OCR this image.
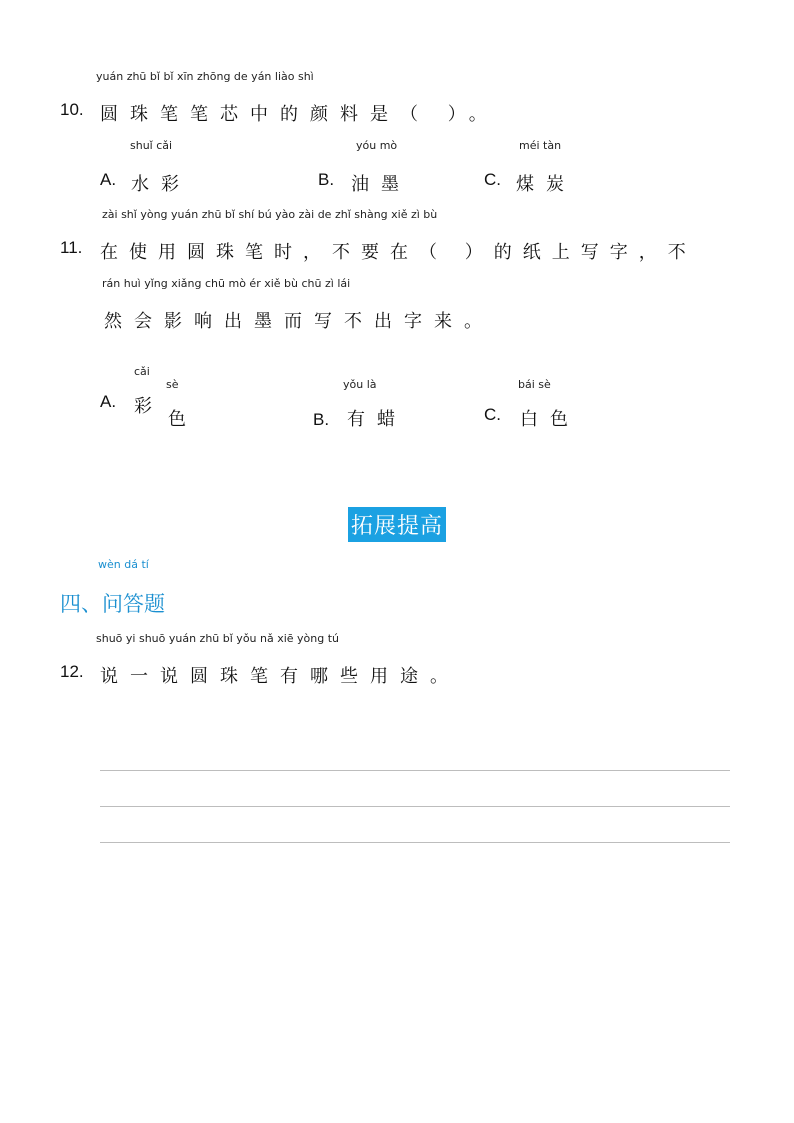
yuán zhū bǐ bǐ xīn zhōng de yán liào shì
10. 圆珠笔笔芯中的颜料是（ ）。
shuǐ cǎi
A. 水彩
yóu mò
B. 油墨
méi tàn
C. 煤炭
zài shǐ yòng yuán zhū bǐ shí bú yào zài de zhǐ shàng xiě zì bù
11. 在使用圆珠笔时，不要在（ ）的纸上写字，不
rán huì yǐng xiǎng chū mò ér xiě bù chū zì lái
然会影响出墨而写不出字来。
cǎi
sè
A. 彩
色
yǒu là
B. 有蜡
bái sè
C. 白色
拓展提高
wèn dá tí
四、问答题
shuō yi shuō yuán zhū bǐ yǒu nǎ xiē yòng tú
12. 说一说圆珠笔有哪些用途。
